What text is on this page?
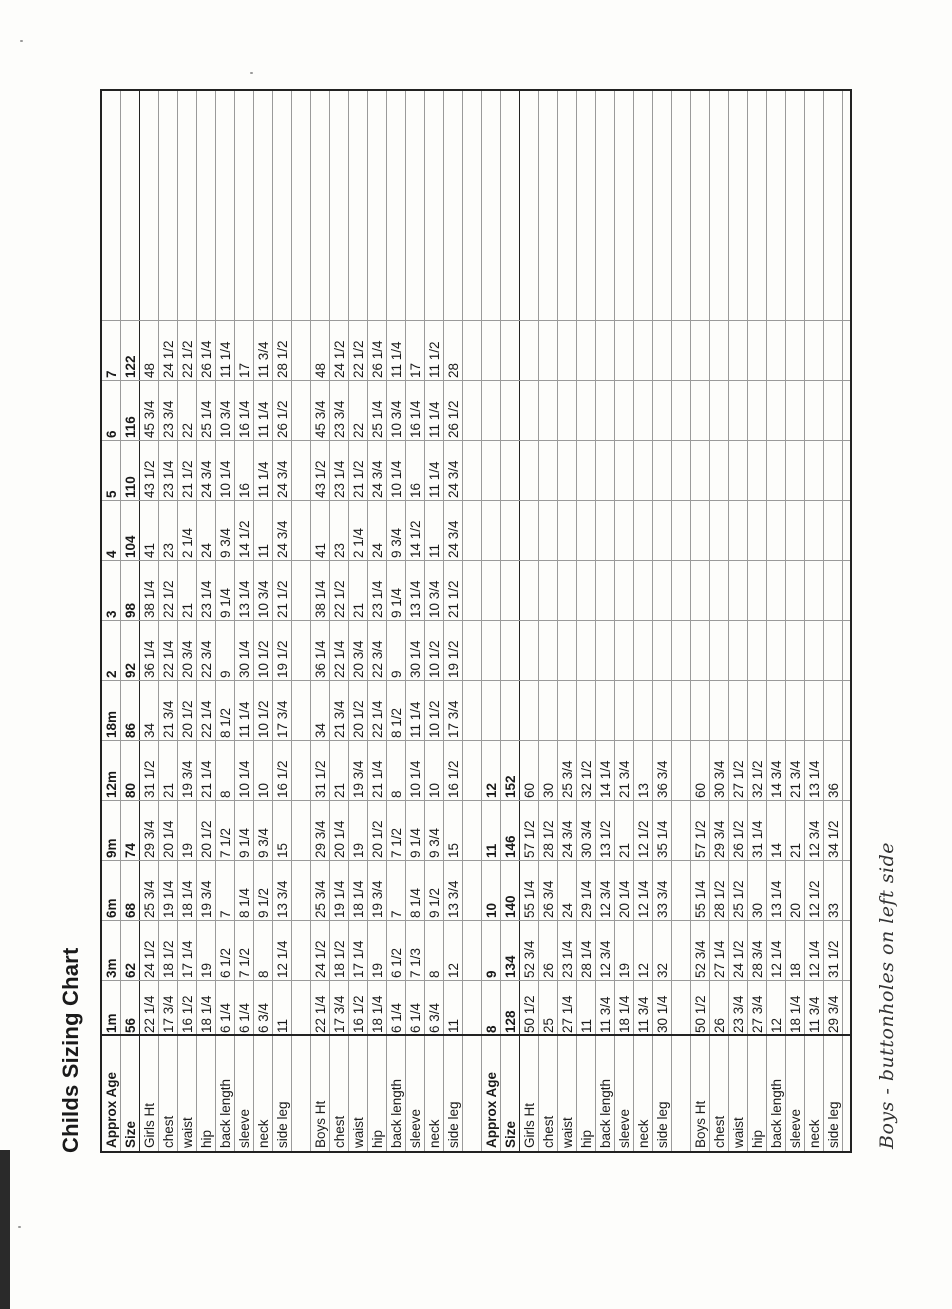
Childs Sizing Chart Approx Age
1m
3m
6m
9m
12m
18m
2
3
4
5
6
7
Size
56
62
68
74
80
86
92
98
104
110
116
122
Girls Ht
22 1/4
24 1/2
25 3/4
29 3/4
31 1/2
34
36 1/4
38 1/4
41
43 1/2
45 3/4
48
chest
17 3/4
18 1/2
19 1/4
20 1/4
21
21 3/4
22 1/4
22 1/2
23
23 1/4
23 3/4
24 1/2
waist
16 1/2
17 1/4
18 1/4
19
19 3/4
20 1/2
20 3/4
21
2 1/4
21 1/2
22
22 1/2
hip
18 1/4
19
19 3/4
20 1/2
21 1/4
22 1/4
22 3/4
23 1/4
24
24 3/4
25 1/4
26 1/4
back length
6 1/4
6 1/2
7
7 1/2
8
8 1/2
9
9 1/4
9 3/4
10 1/4
10 3/4
11 1/4
sleeve
6 1/4
7 1/2
8 1/4
9 1/4
10 1/4
11 1/4
30 1/4
13 1/4
14 1/2
16
16 1/4
17
neck
6 3/4
8
9 1/2
9 3/4
10
10 1/2
10 1/2
10 3/4
11
11 1/4
11 1/4
11 3/4
side leg
11
12 1/4
13 3/4
15
16 1/2
17 3/4
19 1/2
21 1/2
24 3/4
24 3/4
26 1/2
28 1/2
Boys Ht
22 1/4
24 1/2
25 3/4
29 3/4
31 1/2
34
36 1/4
38 1/4
41
43 1/2
45 3/4
48
chest
17 3/4
18 1/2
19 1/4
20 1/4
21
21 3/4
22 1/4
22 1/2
23
23 1/4
23 3/4
24 1/2
waist
16 1/2
17 1/4
18 1/4
19
19 3/4
20 1/2
20 3/4
21
2 1/4
21 1/2
22
22 1/2
hip
18 1/4
19
19 3/4
20 1/2
21 1/4
22 1/4
22 3/4
23 1/4
24
24 3/4
25 1/4
26 1/4
back length
6 1/4
6 1/2
7
7 1/2
8
8 1/2
9
9 1/4
9 3/4
10 1/4
10 3/4
11 1/4
sleeve
6 1/4
7 1/3
8 1/4
9 1/4
10 1/4
11 1/4
30 1/4
13 1/4
14 1/2
16
16 1/4
17
neck
6 3/4
8
9 1/2
9 3/4
10
10 1/2
10 1/2
10 3/4
11
11 1/4
11 1/4
11 1/2
side leg
11
12
13 3/4
15
16 1/2
17 3/4
19 1/2
21 1/2
24 3/4
24 3/4
26 1/2
28
Approx Age
8
9
10
11
12
Size
128
134
140
146
152
Girls Ht
50 1/2
52 3/4
55 1/4
57 1/2
60
chest
25
26
26 3/4
28 1/2
30
waist
27 1/4
23 1/4
24
24 3/4
25 3/4
hip
11
28 1/4
29 1/4
30 3/4
32 1/2
back length
11 3/4
12 3/4
12 3/4
13 1/2
14 1/4
sleeve
18 1/4
19
20 1/4
21
21 3/4
neck
11 3/4
12
12 1/4
12 1/2
13
side leg
30 1/4
32
33 3/4
35 1/4
36 3/4
Boys Ht
50 1/2
52 3/4
55 1/4
57 1/2
60
chest
26
27 1/4
28 1/2
29 3/4
30 3/4
waist
23 3/4
24 1/2
25 1/2
26 1/2
27 1/2
hip
27 3/4
28 3/4
30
31 1/4
32 1/2
back length
12
12 1/4
13 1/4
14
14 3/4
sleeve
18 1/4
18
20
21
21 3/4
neck
11 3/4
12 1/4
12 1/2
12 3/4
13 1/4
side leg
29 3/4
31 1/2
33
34 1/2
36
Boys - buttonholes on left side
